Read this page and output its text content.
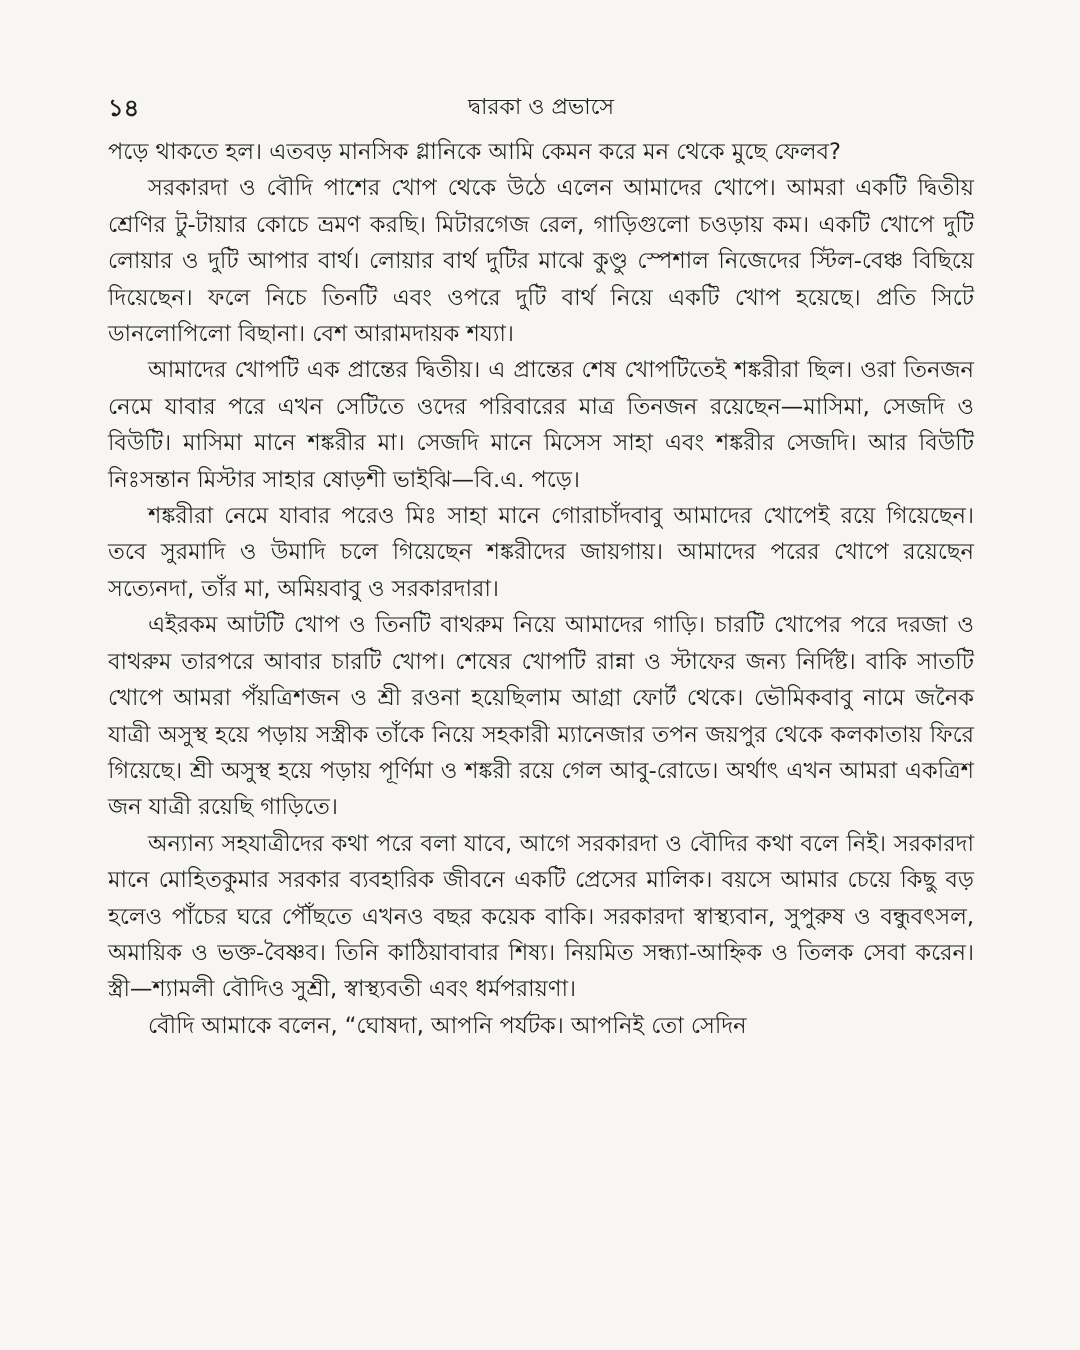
১৪	দ্বারকা ও প্রভাসে

পড়ে থাকতে হল। এতবড় মানসিক গ্লানিকে আমি কেমন করে মন থেকে মুছে ফেলব?

সরকারদা ও বৌদি পাশের খোপ থেকে উঠে এলেন আমাদের খোপে। আমরা একটি দ্বিতীয় শ্রেণির টু-টায়ার কোচে ভ্রমণ করছি। মিটারগেজ রেল, গাড়িগুলো চওড়ায় কম। একটি খোপে দুটি লোয়ার ও দুটি আপার বার্থ। লোয়ার বার্থ দুটির মাঝে কুণ্ডু স্পেশাল নিজেদের স্টিল-বেঞ্চ বিছিয়ে দিয়েছেন। ফলে নিচে তিনটি এবং ওপরে দুটি বার্থ নিয়ে একটি খোপ হয়েছে। প্রতি সিটে ডানলোপিলো বিছানা। বেশ আরামদায়ক শয্যা।

আমাদের খোপটি এক প্রান্তের দ্বিতীয়। এ প্রান্তের শেষ খোপটিতেই শঙ্করীরা ছিল। ওরা তিনজন নেমে যাবার পরে এখন সেটিতে ওদের পরিবারের মাত্র তিনজন রয়েছেন—মাসিমা, সেজদি ও বিউটি। মাসিমা মানে শঙ্করীর মা। সেজদি মানে মিসেস সাহা এবং শঙ্করীর সেজদি। আর বিউটি নিঃসন্তান মিস্টার সাহার ষোড়শী ভাইঝি—বি.এ. পড়ে।

শঙ্করীরা নেমে যাবার পরেও মিঃ সাহা মানে গোরাচাঁদবাবু আমাদের খোপেই রয়ে গিয়েছেন। তবে সুরমাদি ও উমাদি চলে গিয়েছেন শঙ্করীদের জায়গায়। আমাদের পরের খোপে রয়েছেন সত্যেনদা, তাঁর মা, অমিয়বাবু ও সরকারদারা।

এইরকম আটটি খোপ ও তিনটি বাথরুম নিয়ে আমাদের গাড়ি। চারটি খোপের পরে দরজা ও বাথরুম তারপরে আবার চারটি খোপ। শেষের খোপটি রান্না ও স্টাফের জন্য নির্দিষ্ট। বাকি সাতটি খোপে আমরা পঁয়ত্রিশজন ও শ্রী রওনা হয়েছিলাম আগ্রা ফোর্ট থেকে। ভৌমিকবাবু নামে জনৈক যাত্রী অসুস্থ হয়ে পড়ায় সস্ত্রীক তাঁকে নিয়ে সহকারী ম্যানেজার তপন জয়পুর থেকে কলকাতায় ফিরে গিয়েছে। শ্রী অসুস্থ হয়ে পড়ায় পূর্ণিমা ও শঙ্করী রয়ে গেল আবু-রোডে। অর্থাৎ এখন আমরা একত্রিশ জন যাত্রী রয়েছি গাড়িতে।

অন্যান্য সহযাত্রীদের কথা পরে বলা যাবে, আগে সরকারদা ও বৌদির কথা বলে নিই। সরকারদা মানে মোহিতকুমার সরকার ব্যবহারিক জীবনে একটি প্রেসের মালিক। বয়সে আমার চেয়ে কিছু বড় হলেও পাঁচের ঘরে পৌঁছতে এখনও বছর কয়েক বাকি। সরকারদা স্বাস্থ্যবান, সুপুরুষ ও বন্ধুবৎসল, অমায়িক ও ভক্ত-বৈষ্ণব। তিনি কাঠিয়াবাবার শিষ্য। নিয়মিত সন্ধ্যা-আহ্নিক ও তিলক সেবা করেন। স্ত্রী—শ্যামলী বৌদিও সুশ্রী, স্বাস্থ্যবতী এবং ধর্মপরায়ণা।

বৌদি আমাকে বলেন, “ঘোষদা, আপনি পর্যটক। আপনিই তো সেদিন
